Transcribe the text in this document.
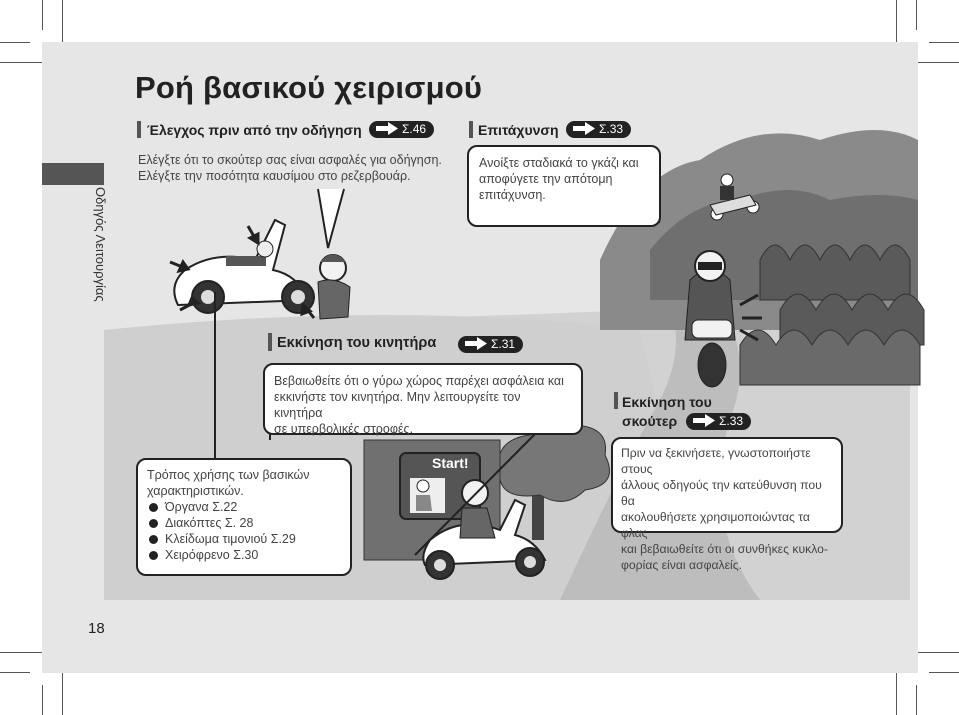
Ροή βασικού χειρισμού
Οδηγός Λειτουργίας
Έλεγχος πριν από την οδήγηση	Σ.46
Ελέγξτε ότι το σκούτερ σας είναι ασφαλές για οδήγηση.
Ελέγξτε την ποσότητα καυσίμου στο ρεζερβουάρ.
Επιτάχυνση	Σ.33
Ανοίξτε σταδιακά το γκάζι και
αποφύγετε την απότομη
επιτάχυνση.
Εκκίνηση του κινητήρα	Σ.31
Βεβαιωθείτε ότι ο γύρω χώρος παρέχει ασφάλεια και
εκκινήστε τον κινητήρα. Μην λειτουργείτε τον κινητήρα
σε υπερβολικές στροφές.
Εκκίνηση του
σκούτερ	Σ.33
Πριν να ξεκινήσετε, γνωστοποιήστε στους
άλλους οδηγούς την κατεύθυνση που θα
ακολουθήσετε χρησιμοποιώντας τα φλας
και βεβαιωθείτε ότι οι συνθήκες κυκλο-
φορίας είναι ασφαλείς.
Τρόπος χρήσης των βασικών
χαρακτηριστικών.
Όργανα Σ.22
Διακόπτες Σ. 28
Κλείδωμα τιμονιού Σ.29
Χειρόφρενο Σ.30
Start!
18
